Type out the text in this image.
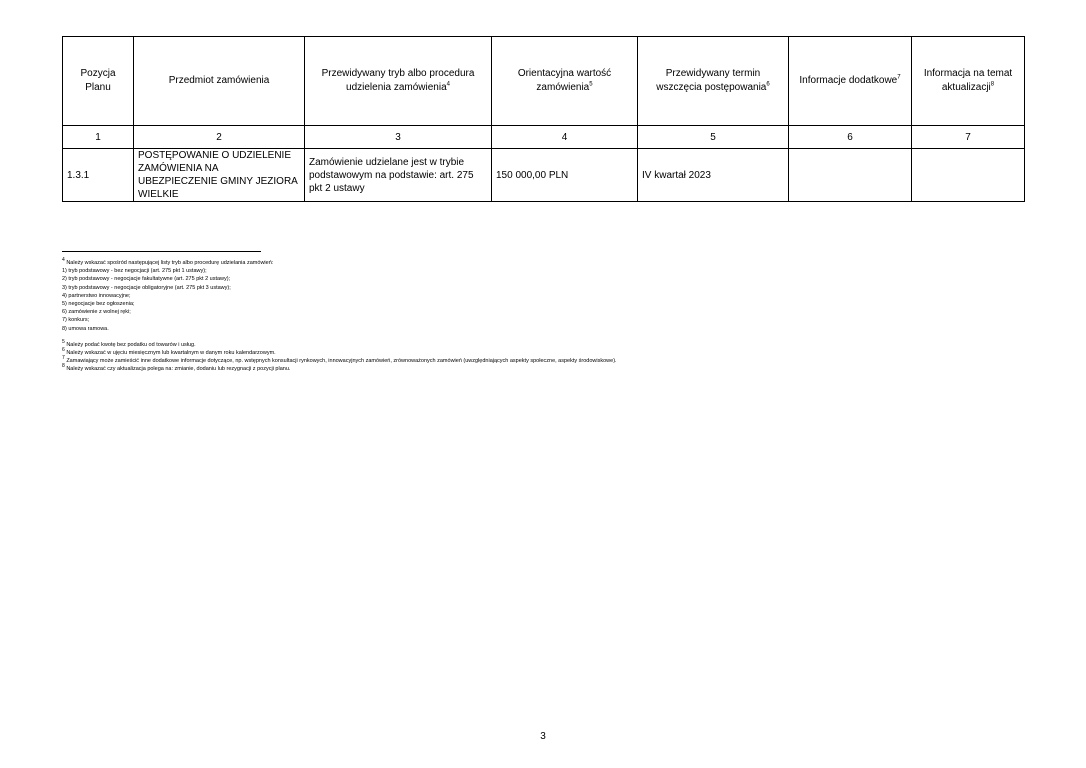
Pozycja Planu	Przedmiot zamówienia	Przewidywany tryb albo procedura udzielenia zamówienia$^4$	Orientacyjna wartość zamówienia$^5$	Przewidywany termin wszczęcia postępowania$^6$	Informacje dodatkowe$^7$	Informacja na temat aktualizacji$^8$
1	2	3	4	5	6	7
1.3.1	POSTĘPOWANIE O UDZIELENIE ZAMÓWIENIA NA UBEZPIECZENIE GMINY JEZIORA WIELKIE	Zamówienie udzielane jest w trybie podstawowym na podstawie: art. 275 pkt 2 ustawy	150 000,00 PLN	IV kwartał 2023		

$^4$ Należy wskazać spośród następującej listy tryb albo procedurę udzielania zamówień:

1) tryb podstawowy - bez negocjacji (art. 275 pkt 1 ustawy);
2) tryb podstawowy - negocjacje fakultatywne (art. 275 pkt 2 ustawy);
3) tryb podstawowy - negocjacje obligatoryjne (art. 275 pkt 3 ustawy);
4) partnerstwo innowacyjne;
5) negocjacje bez ogłoszenia;
6) zamówienie z wolnej ręki;
7) konkurs;
8) umowa ramowa.

$^5$ Należy podać kwotę bez podatku od towarów i usług.

$^6$ Należy wskazać w ujęciu miesięcznym lub kwartalnym w danym roku kalendarzowym.

$^7$ Zamawiający może zamieścić inne dodatkowe informacje dotyczące, np. wstępnych konsultacji rynkowych, innowacyjnych zamówień, zrównoważonych zamówień (uwzględniających aspekty społeczne, aspekty środowiskowe).

$^8$ Należy wskazać czy aktualizacja polega na: zmianie, dodaniu lub rezygnacji z pozycji planu.

3
